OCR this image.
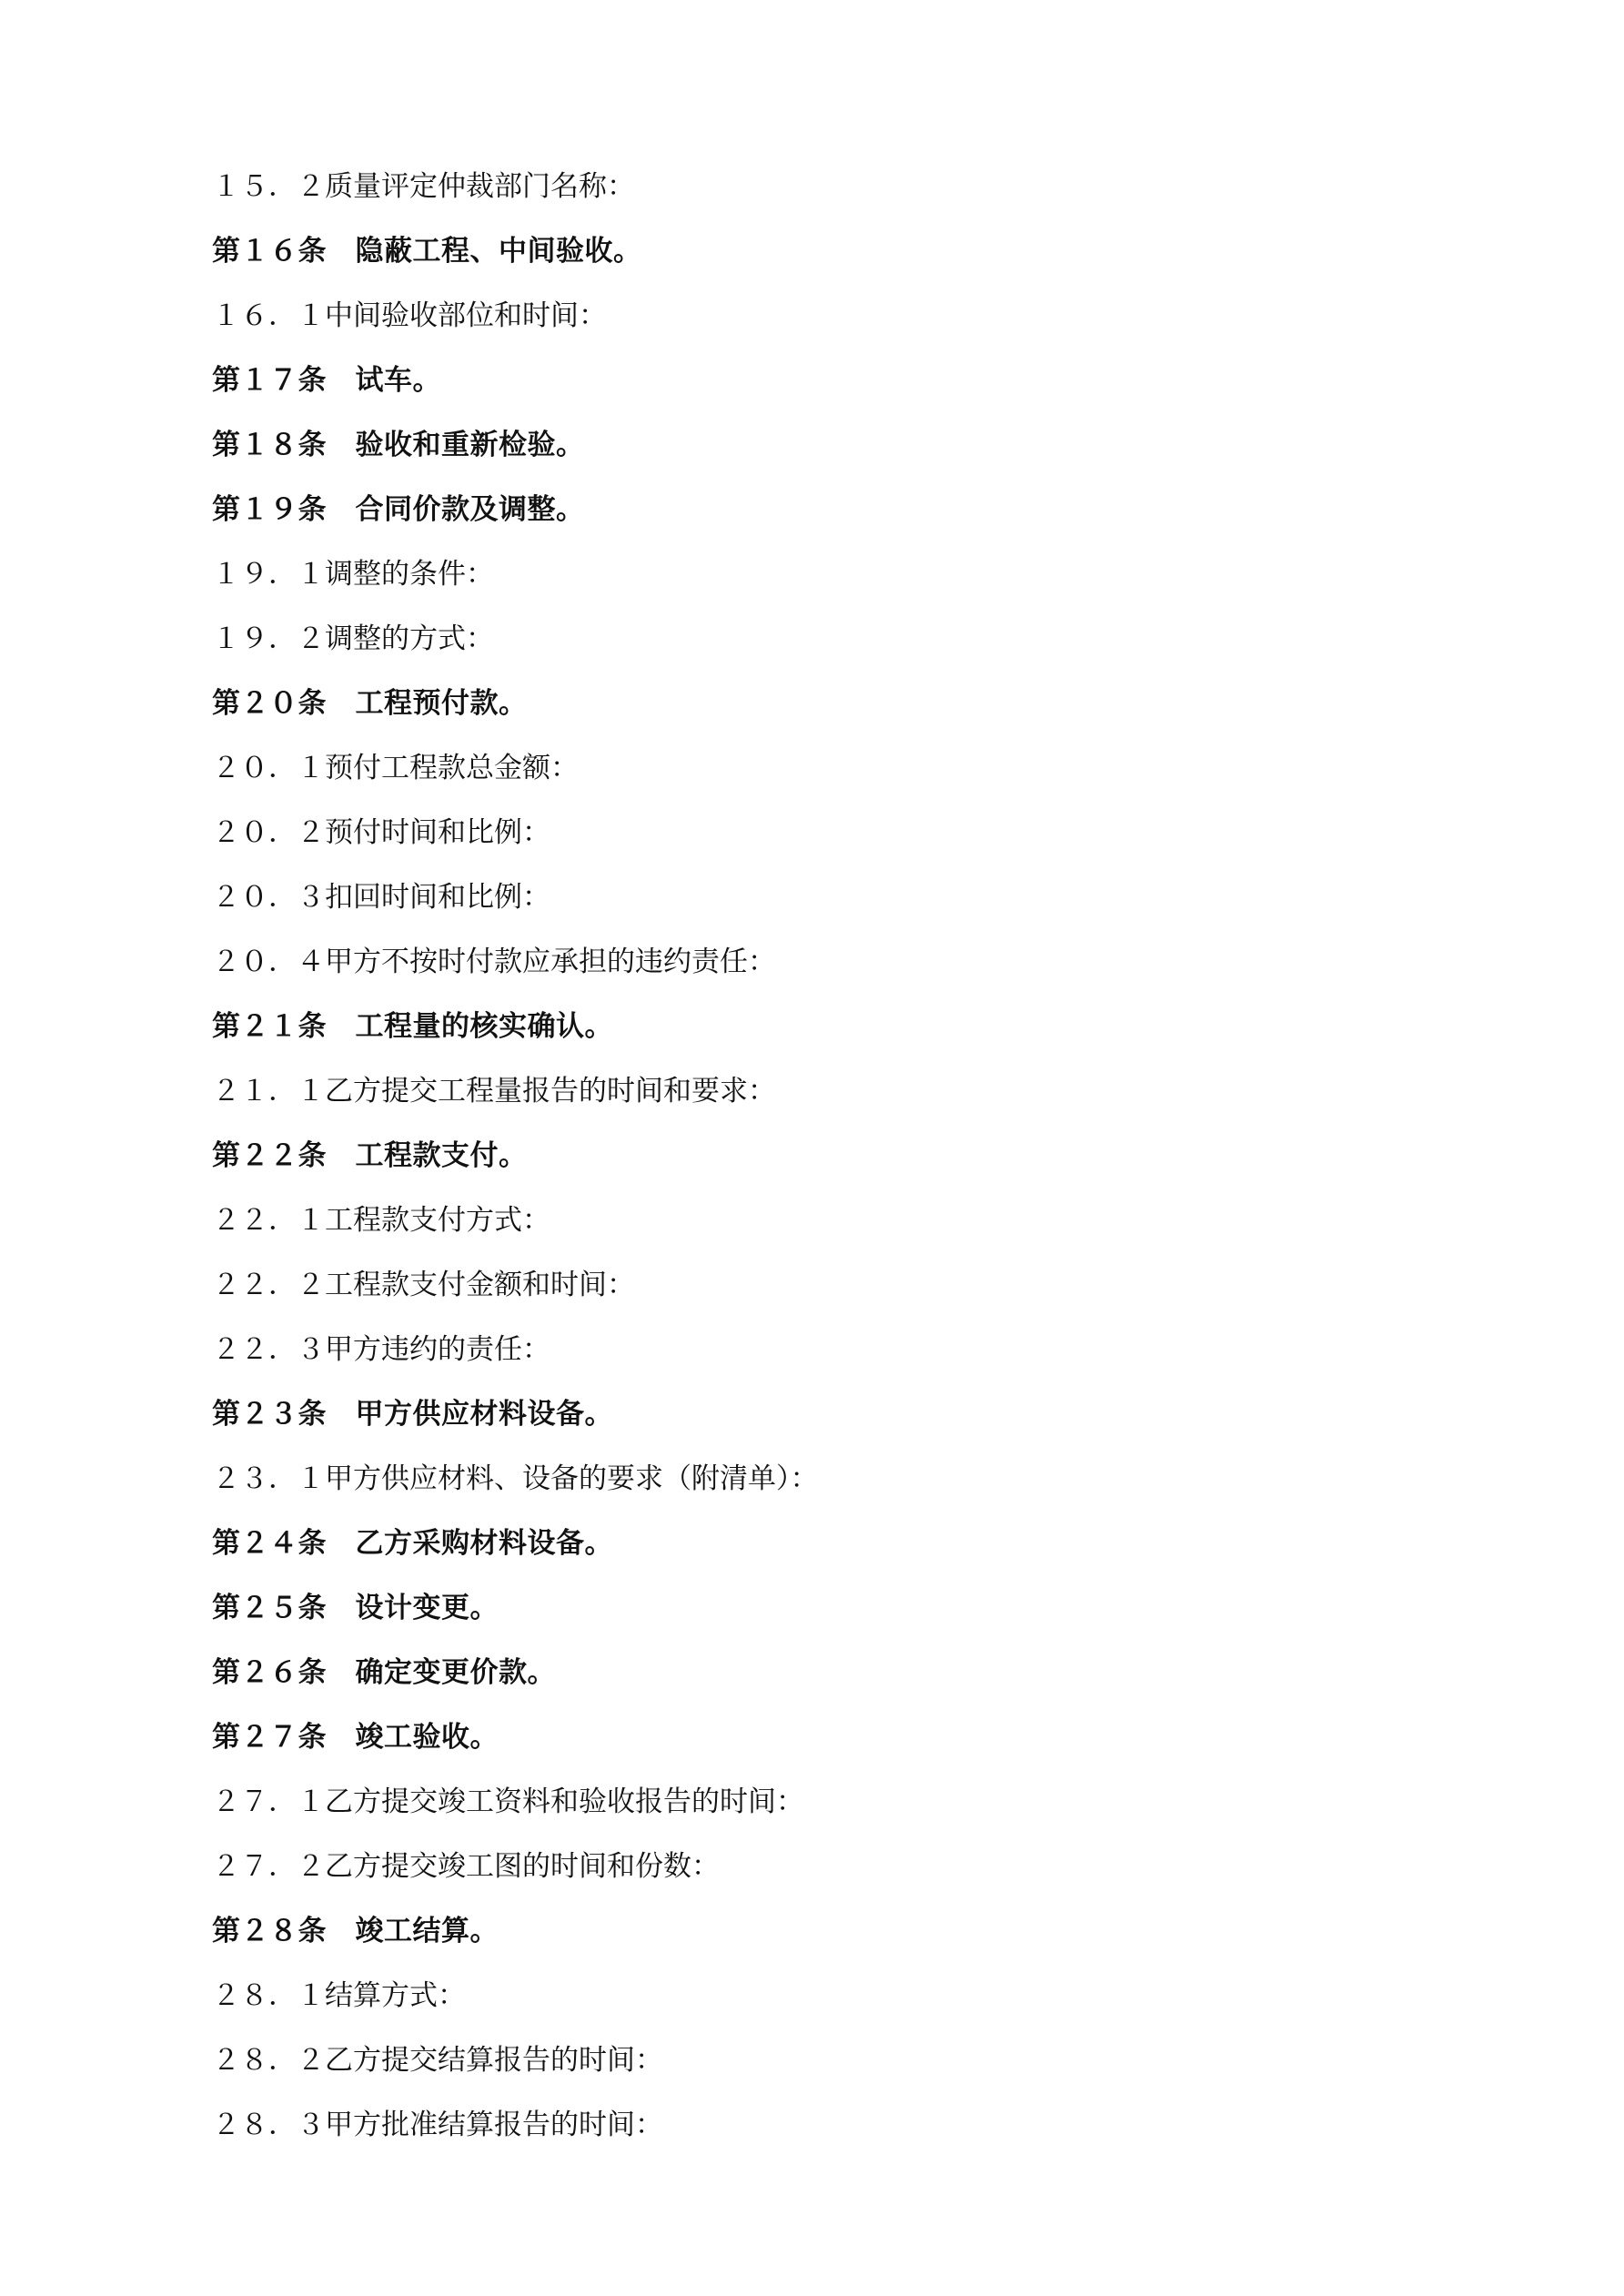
１５．２质量评定仲裁部门名称：
第１６条　隐蔽工程、中间验收。
１６．１中间验收部位和时间：
第１７条　试车。
第１８条　验收和重新检验。
第１９条　合同价款及调整。
１９．１调整的条件：
１９．２调整的方式：
第２０条　工程预付款。
２０．１预付工程款总金额：
２０．２预付时间和比例：
２０．３扣回时间和比例：
２０．４甲方不按时付款应承担的违约责任：
第２１条　工程量的核实确认。
２１．１乙方提交工程量报告的时间和要求：
第２２条　工程款支付。
２２．１工程款支付方式：
２２．２工程款支付金额和时间：
２２．３甲方违约的责任：
第２３条　甲方供应材料设备。
２３．１甲方供应材料、设备的要求（附清单）：
第２４条　乙方采购材料设备。
第２５条　设计变更。
第２６条　确定变更价款。
第２７条　竣工验收。
２７．１乙方提交竣工资料和验收报告的时间：
２７．２乙方提交竣工图的时间和份数：
第２８条　竣工结算。
２８．１结算方式：
２８．２乙方提交结算报告的时间：
２８．３甲方批准结算报告的时间：
